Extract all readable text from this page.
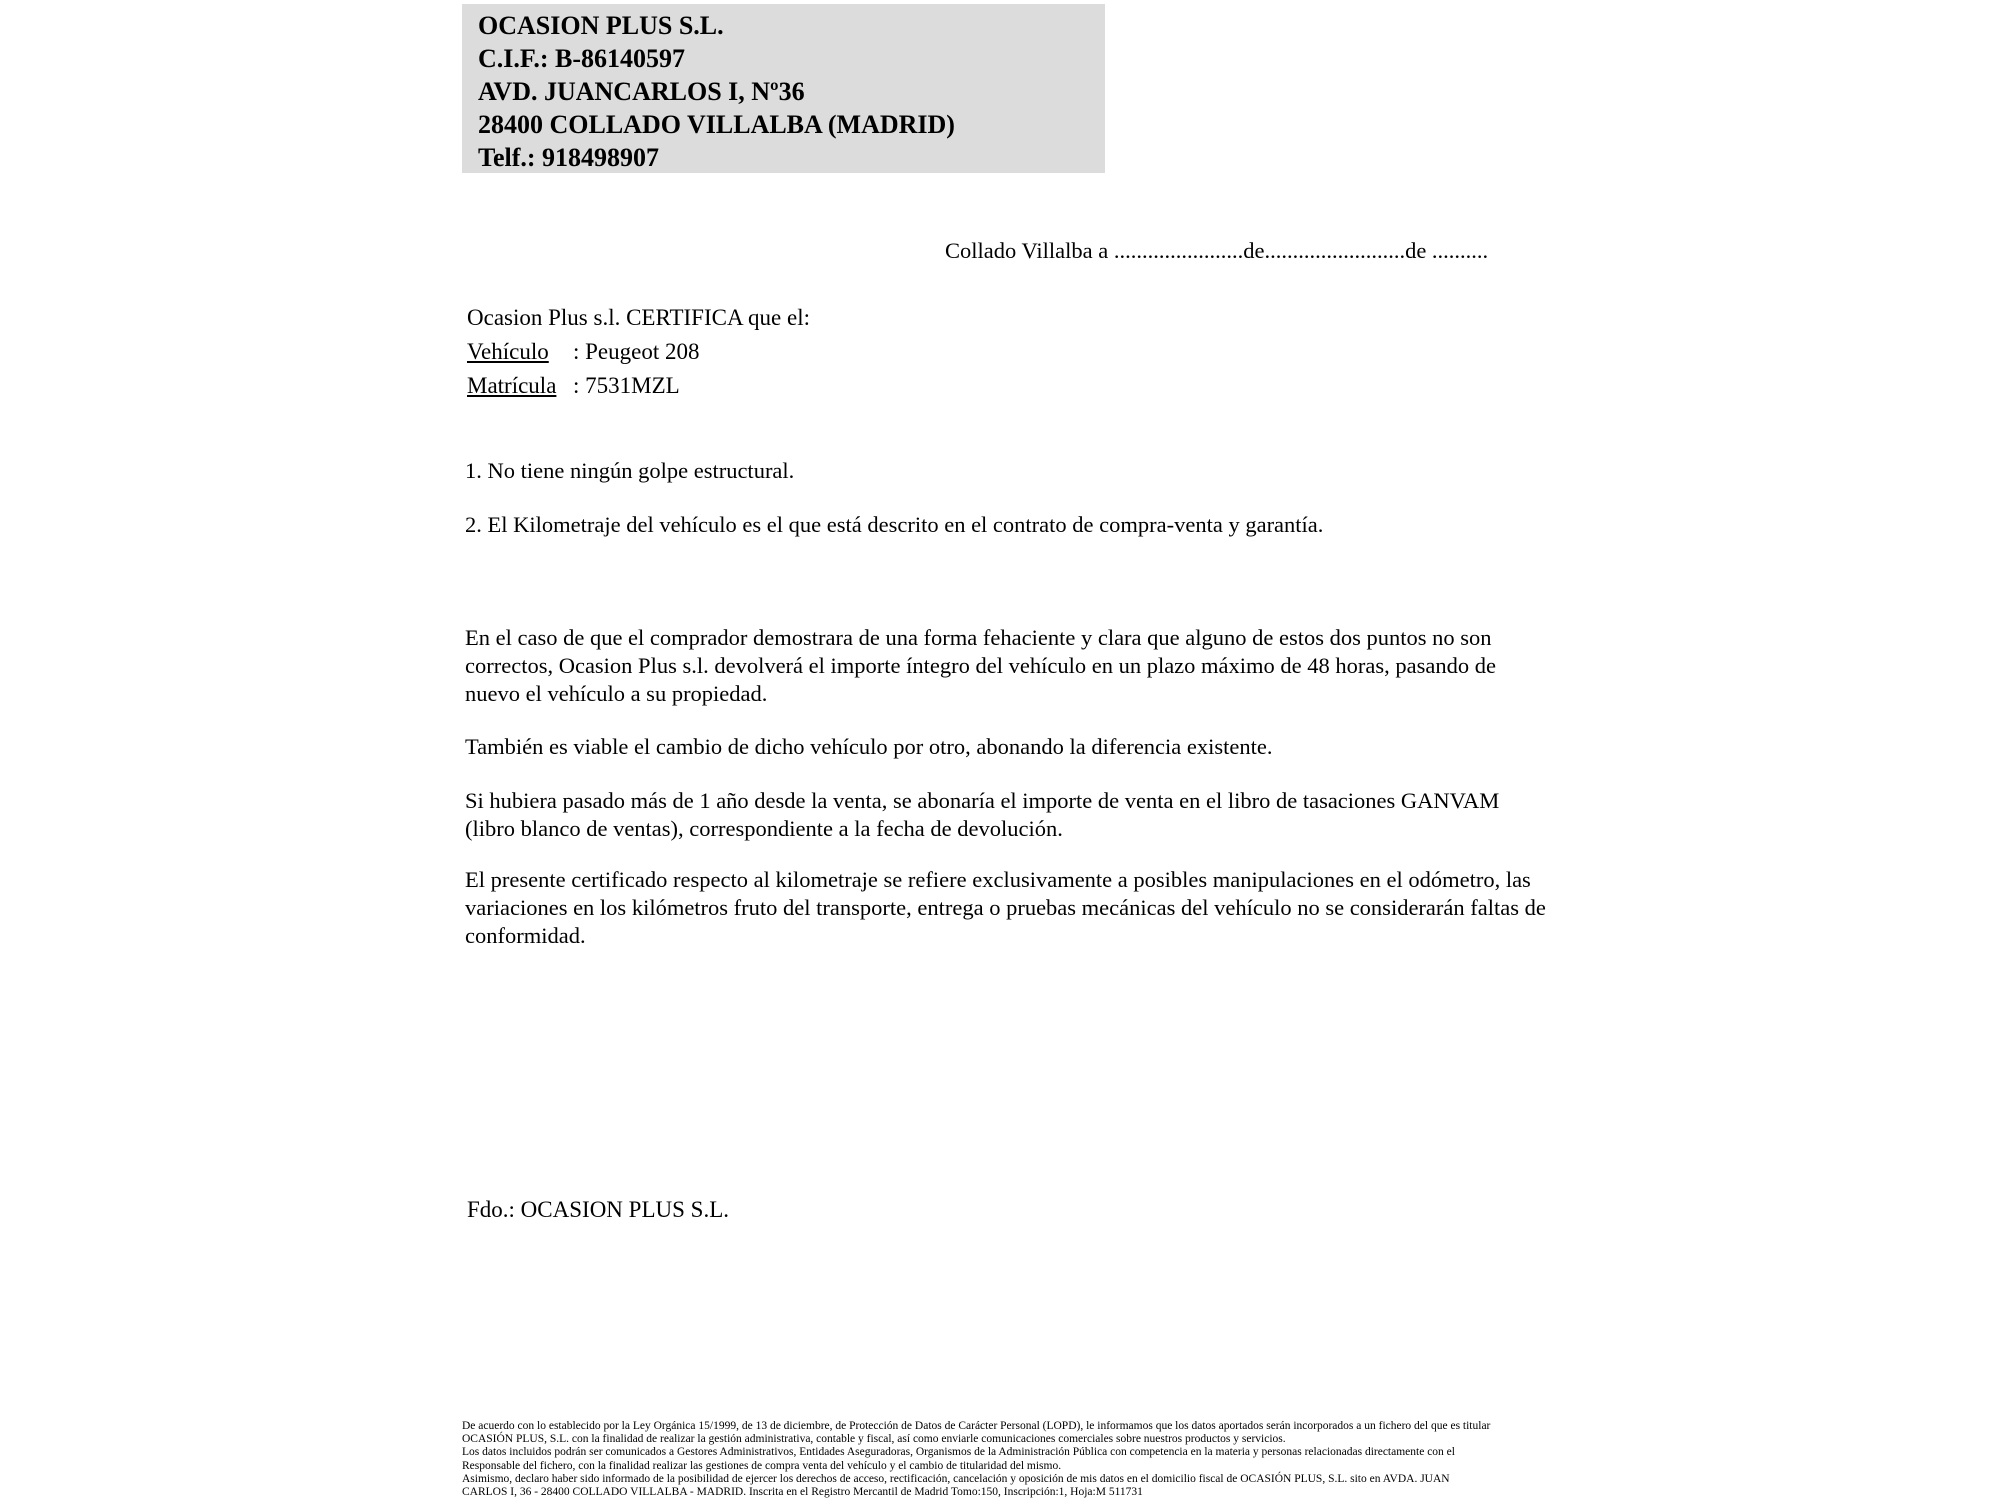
OCASION PLUS S.L.
C.I.F.: B-86140597
AVD. JUANCARLOS I, Nº36
28400 COLLADO VILLALBA (MADRID)
Telf.: 918498907
Collado Villalba a .......................de.........................de ..........
Ocasion Plus s.l. CERTIFICA que el:
Vehículo : Peugeot 208
Matrícula : 7531MZL
1. No tiene ningún golpe estructural.
2. El Kilometraje del vehículo es el que está descrito en el contrato de compra-venta y garantía.
En el caso de que el comprador demostrara de una forma fehaciente y clara que alguno de estos dos puntos no son correctos, Ocasion Plus s.l. devolverá el importe íntegro del vehículo en un plazo máximo de 48 horas, pasando de nuevo el vehículo a su propiedad.
También es viable el cambio de dicho vehículo por otro, abonando la diferencia existente.
Si hubiera pasado más de 1 año desde la venta, se abonaría el importe de venta en el libro de tasaciones GANVAM (libro blanco de ventas), correspondiente a la fecha de devolución.
El presente certificado respecto al kilometraje se refiere exclusivamente a posibles manipulaciones en el odómetro, las variaciones en los kilómetros fruto del transporte, entrega o pruebas mecánicas del vehículo no se considerarán faltas de conformidad.
Fdo.: OCASION PLUS S.L.
De acuerdo con lo establecido por la Ley Orgánica 15/1999, de 13 de diciembre, de Protección de Datos de Carácter Personal (LOPD), le informamos que los datos aportados serán incorporados a un fichero del que es titular
OCASIÓN PLUS, S.L. con la finalidad de realizar la gestión administrativa, contable y fiscal, así como enviarle comunicaciones comerciales sobre nuestros productos y servicios.
Los datos incluidos podrán ser comunicados a Gestores Administrativos, Entidades Aseguradoras, Organismos de la Administración Pública con competencia en la materia y personas relacionadas directamente con el
Responsable del fichero, con la finalidad realizar las gestiones de compra venta del vehículo y el cambio de titularidad del mismo.
Asimismo, declaro haber sido informado de la posibilidad de ejercer los derechos de acceso, rectificación, cancelación y oposición de mis datos en el domicilio fiscal de OCASIÓN PLUS, S.L. sito en AVDA. JUAN
CARLOS I, 36 - 28400 COLLADO VILLALBA - MADRID. Inscrita en el Registro Mercantil de Madrid Tomo:150, Inscripción:1, Hoja:M 511731
